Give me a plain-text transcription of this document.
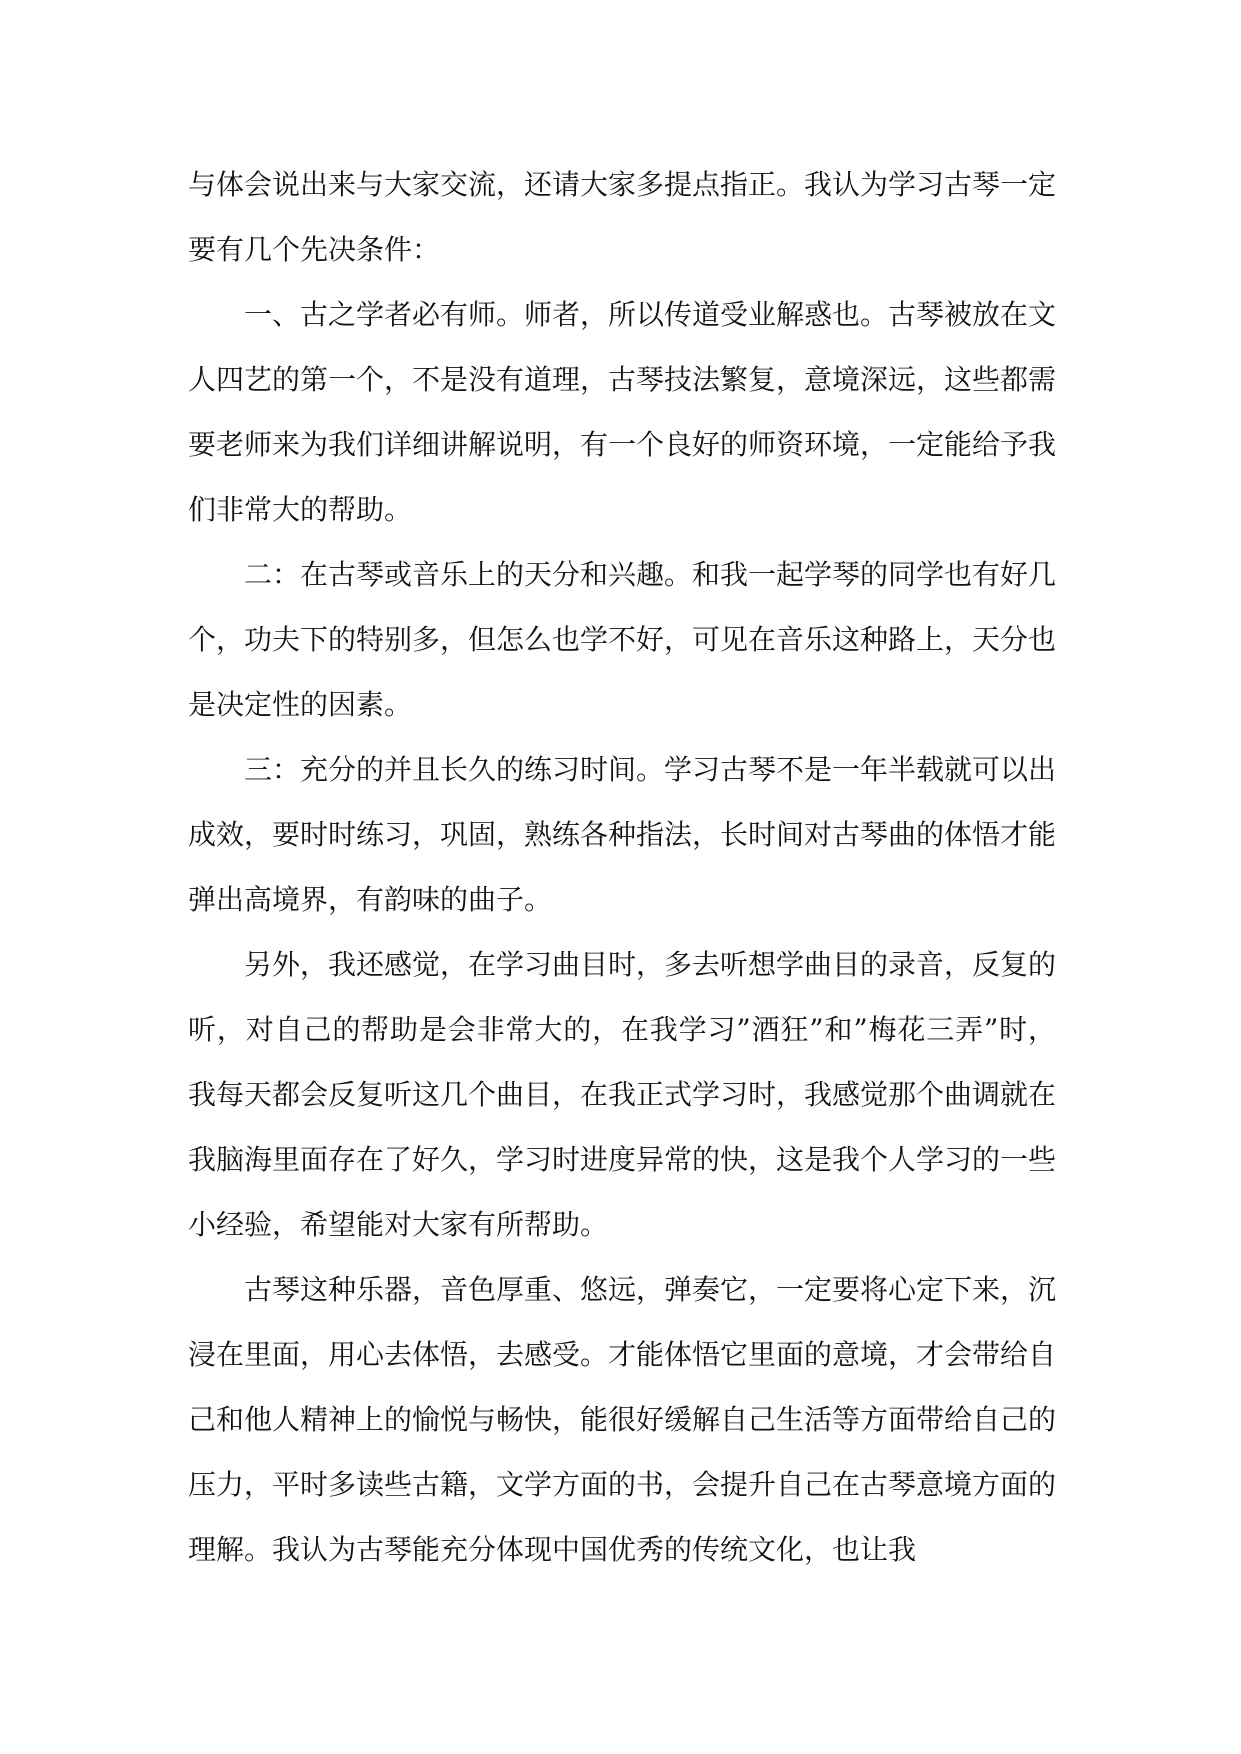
与体会说出来与大家交流，还请大家多提点指正。我认为学习古琴一定要有几个先决条件：

一、古之学者必有师。师者，所以传道受业解惑也。古琴被放在文人四艺的第一个，不是没有道理，古琴技法繁复，意境深远，这些都需要老师来为我们详细讲解说明，有一个良好的师资环境，一定能给予我们非常大的帮助。

二：在古琴或音乐上的天分和兴趣。和我一起学琴的同学也有好几个，功夫下的特别多，但怎么也学不好，可见在音乐这种路上，天分也是决定性的因素。

三：充分的并且长久的练习时间。学习古琴不是一年半载就可以出成效，要时时练习，巩固，熟练各种指法，长时间对古琴曲的体悟才能弹出高境界，有韵味的曲子。

另外，我还感觉，在学习曲目时，多去听想学曲目的录音，反复的听，对自己的帮助是会非常大的，在我学习”酒狂”和”梅花三弄”时，我每天都会反复听这几个曲目，在我正式学习时，我感觉那个曲调就在我脑海里面存在了好久，学习时进度异常的快，这是我个人学习的一些小经验，希望能对大家有所帮助。

古琴这种乐器，音色厚重、悠远，弹奏它，一定要将心定下来，沉浸在里面，用心去体悟，去感受。才能体悟它里面的意境，才会带给自己和他人精神上的愉悦与畅快，能很好缓解自己生活等方面带给自己的压力，平时多读些古籍，文学方面的书，会提升自己在古琴意境方面的理解。我认为古琴能充分体现中国优秀的传统文化，也让我
